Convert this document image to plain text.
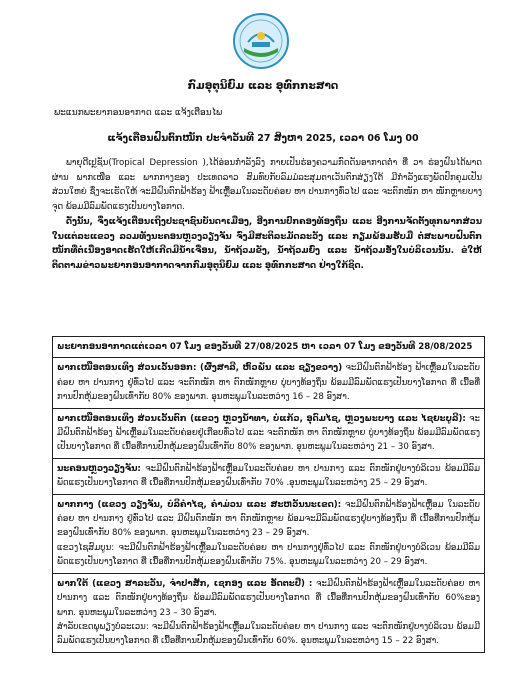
ກົມອຸຕຸນິຍົມ ແລະ ອຸທົກກະສາດ
ພະແນກພະຍາກອນອາກາດ ແລະ ແຈ້ງເຕືອນໄພ
ແຈ້ງເຕືອນຝົນຕົກໜັກ ປະຈໍາວັນທີ 27 ສິງຫາ 2025, ເວລາ 06 ໂມງ 00

ພາຍຸດີເປຼຊັນ(Tropical Depression ),ໄດ້ອ່ອນກໍາລັງລົງ ກາຍເປັນຮ່ອງຄວາມກົດດັນອາກາດຕໍ່າ ທີ່ ວາ ຮ່ອງຝົນໄດ້ພາດຜ່ານ ພາກເໜືອ ແລະ ພາກກາງຂອງ ປະເທດລາວ ສົມທົບກັບລົມມໍລະສຸມຕາເວັນຕົກສ່ຽງໃຕ້ ມີກໍາລັງແຮງພັດປົກຄຸມເປັນສ່ວນໃຫຍ່ ຊຶ່ງຈະເຮັດໃຫ້ ຈະມີຝົນຕົກຟ້າຮ້ອງ ຟ້າເຫຼື້ອມໃນລະດັບຄ່ອຍ ຫາ ປານກາງທົ່ວໄປ ແລະ ຈະຕົກໜັກ ຫາ ໜັກຫຼາຍບາງຈຸດ ພ້ອມມີລົມພັດແຮງເປັນບາງໂອກາດ.

ດັ່ງນັ້ນ, ຈຶ່ງແຈ້ງເຕືອນເຖິງປະຊາຊົນບັນດາເມືອງ, ອີງການປົກຄອງທ້ອງຖິ່ນ ແລະ ອີງການຈັດຕັ້ງທຸກພາກສ່ວນໃນແຕ່ລະແຂວງ ລວມທັງນະຄອນຫຼວງວຽງຈັນ ຈົ່ງມີສະຕິລະມັດລະວັງ ແລະ ກຽມພ້ອມຮັບມື ຕໍ່ສະພາບຝົນຕົກໜັກທີ່ຕໍ່ເນື່ອງອາດເຮັດໃຫ້ເກີດມີນໍ້າເຈື່ອນ, ນໍ້າຖ້ວມຂັງ, ນໍ້າຖ້ວມຍົ່ງ ແລະ ນໍ້າຖ້ວມອັ່ງໃນບໍລິເວນນັ້ນ. ຂໍໃຫ້ຕິດຕາມຂ່າວພະຍາກອນອາກາດຈາກກົມອຸຕຸນິຍົມ ແລະ ອຸທົກກະສາດ ຢ່າງໃກ້ຊິດ.

ພະຍາກອນອາກາດແຕ່ເວລາ 07 ໂມງ ຂອງວັນທີ 27/08/2025 ຫາ ເວລາ 07 ໂມງ ຂອງວັນທີ 28/08/2025

ພາກເໜືອຕອນເທິງ ສ່ວນເວັ້ນອອກ: (ຜົ້ງສາລີ, ຫົວພັນ ແລະ ຊຽງຂວາງ) ຈະມີຝົນຕົກຟ້າຮ້ອງ ຟ້າເຫຼື້ອມໃນລະດັບຄ່ອຍ ຫາ ປານກາງ ຢູ່ທົ່ວໄປ ແລະ ຈະຕົກໜັກ ຫາ ຕົກໜັກຫຼາຍ ບູ່ບາງທ້ອງຖິ່ນ ພ້ອມມີລົມພັດແຮງເປັນບາງໂອກາດ ທີ່ ເນື້ອທີ່ການປົກຫຸ້ມຂອງຝົນເທົ່າກັບ 80% ຂອງພາກ. ອຸນຫະພູມໃນລະຫວ່າງ 16 – 28 ອົງສາ.

ພາກເໜືອຕອນເທິງ ສ່ວນເວັ້ນຕົກ (ແຂວງ ຫຼວງນໍ້າທາ, ບໍ່ແກ້ວ, ອຸດົມໄຊ, ຫຼວງພະບາງ ແລະ ໄຊຍະບູລີ): ຈະມີຝົນຕົກຟ້າຮ້ອງ ຟ້າເຫຼື້ອມໃນລະດັບຄ່ອຍຢູ່ເກືອບທົ່ວໄປ ແລະ ຈະຕົກໜັກ ຫາ ຕົກໜັກຫຼາຍ ບູ່ບາງທ້ອງຖິ່ນ ພ້ອມມີລົມພັດແຮງເປັນບາງໂອກາດ ທີ່ ເນື້ອທີ່ການປົກຫຸ້ມຂອງຝົນເທົ່າກັບ 80% ຂອງພາກ. ອຸນຫະພູມໃນລະຫວ່າງ 21 – 30 ອົງສາ.

ນະຄອນຫຼວງວຽງຈັນ: ຈະມີຝົນຕົກຟ້າຮ້ອງຟ້າເຫຼື້ອມໃນລະດັບຄ່ອຍ ຫາ ປານກາງ ແລະ ຕົກໜັກຢູ່ບາງບໍລິເວນ ພ້ອມມີລົມພັດແຮງເປັນບາງໂອກາດ ທີ່ ເນື້ອທີ່ການປົກຫຸ້ມຂອງຝົນເທົ່າກັບ 70% .ອຸນຫະພູມໃນລະຫວ່າງ 25 – 29 ອົງສາ.

ພາກກາງ (ແຂວງ ວຽງຈັນ, ບໍລິຄໍາໄຊ, ຄໍາມ່ວນ ແລະ ສະຫວັນນະເຂດ): ຈະມີຝົນຕົກຟ້າຮ້ອງຟ້າເຫຼື້ອມ ໃນລະດັບຄ່ອຍ ຫາ ປານກາງ ຢູ່ທົ່ວໄປ ແລະ ມີຝົນຕົກໜັກ ຫາ ຕົກໜັກຫຼາຍ ພ້ອມຈະມີລົມພັດແຮງຢູ່ບາງທ້ອງຖິ່ນ ທີ່ ເນື້ອທີ່ການປົກຫຸ້ມຂອງຝົນເທົ່າກັບ 80% ຂອງພາກ. ອຸນຫະພູມໃນລະຫວ່າງ 23 – 29 ອົງສາ.

ແຂວງໄຊສົມບູນ: ຈະມີຝົນຕົກຟ້າຮ້ອງຟ້າເຫຼື້ອມໃນລະດັບຄ່ອຍ ຫາ ປານກາງຢູ່ທົ່ວໄປ ແລະ ຕົກໜັກຢູ່ບາງບໍລິເວນ ພ້ອມມີລົມພັດແຮງເປັນບາງໂອກາດ ທີ່ ເນື້ອທີ່ການປົກຫຸ້ມຂອງຝົນເທົ່າກັບ 75%. ອຸນຫະພູມໃນລະຫວ່າງ 20 – 29 ອົງສາ.

ພາກໃຕ້ (ແຂວງ ສາລະວັນ, ຈໍາປາສັກ, ເຊກອງ ແລະ ອັດຕະປື) : ຈະມີຝົນຕົກຟ້າຮ້ອງຟ້າເຫຼື້ອມໃນລະດັບຄ່ອຍ ຫາ ປານກາງ ແລະ ຕົກໜັກຢູ່ບາງທ້ອງຖິ່ນ ພ້ອມມີລົມພັດແຮງເປັນບາງໂອກາດ ທີ່ ເນື້ອທີ່ການປົກຫຸ້ມຂອງຝົນເທົ່າກັບ 60%ຂອງພາກ. ອຸນຫະພູມໃນລະຫວ່າງ 23 – 30 ອົງສາ.

ສໍາລັບເຂດພູພຽງບໍລະເວນ: ຈະມີຝົນຕົກຟ້າຮ້ອງຟ້າເຫຼື້ອມໃນລະດັບຄ່ອຍ ຫາ ປານກາງ ແລະ ຈະຕົກໜັກຢູ່ບາງບໍລິເວນ ພ້ອມມີລົມພັດແຮງເປັນບາງໂອກາດ ທີ່ ເນື້ອທີ່ການປົກຫຸ້ມຂອງຝົນເທົ່າກັບ 60%. ອຸນຫະພູມໃນລະຫວ່າງ 15 – 22 ອົງສາ.
